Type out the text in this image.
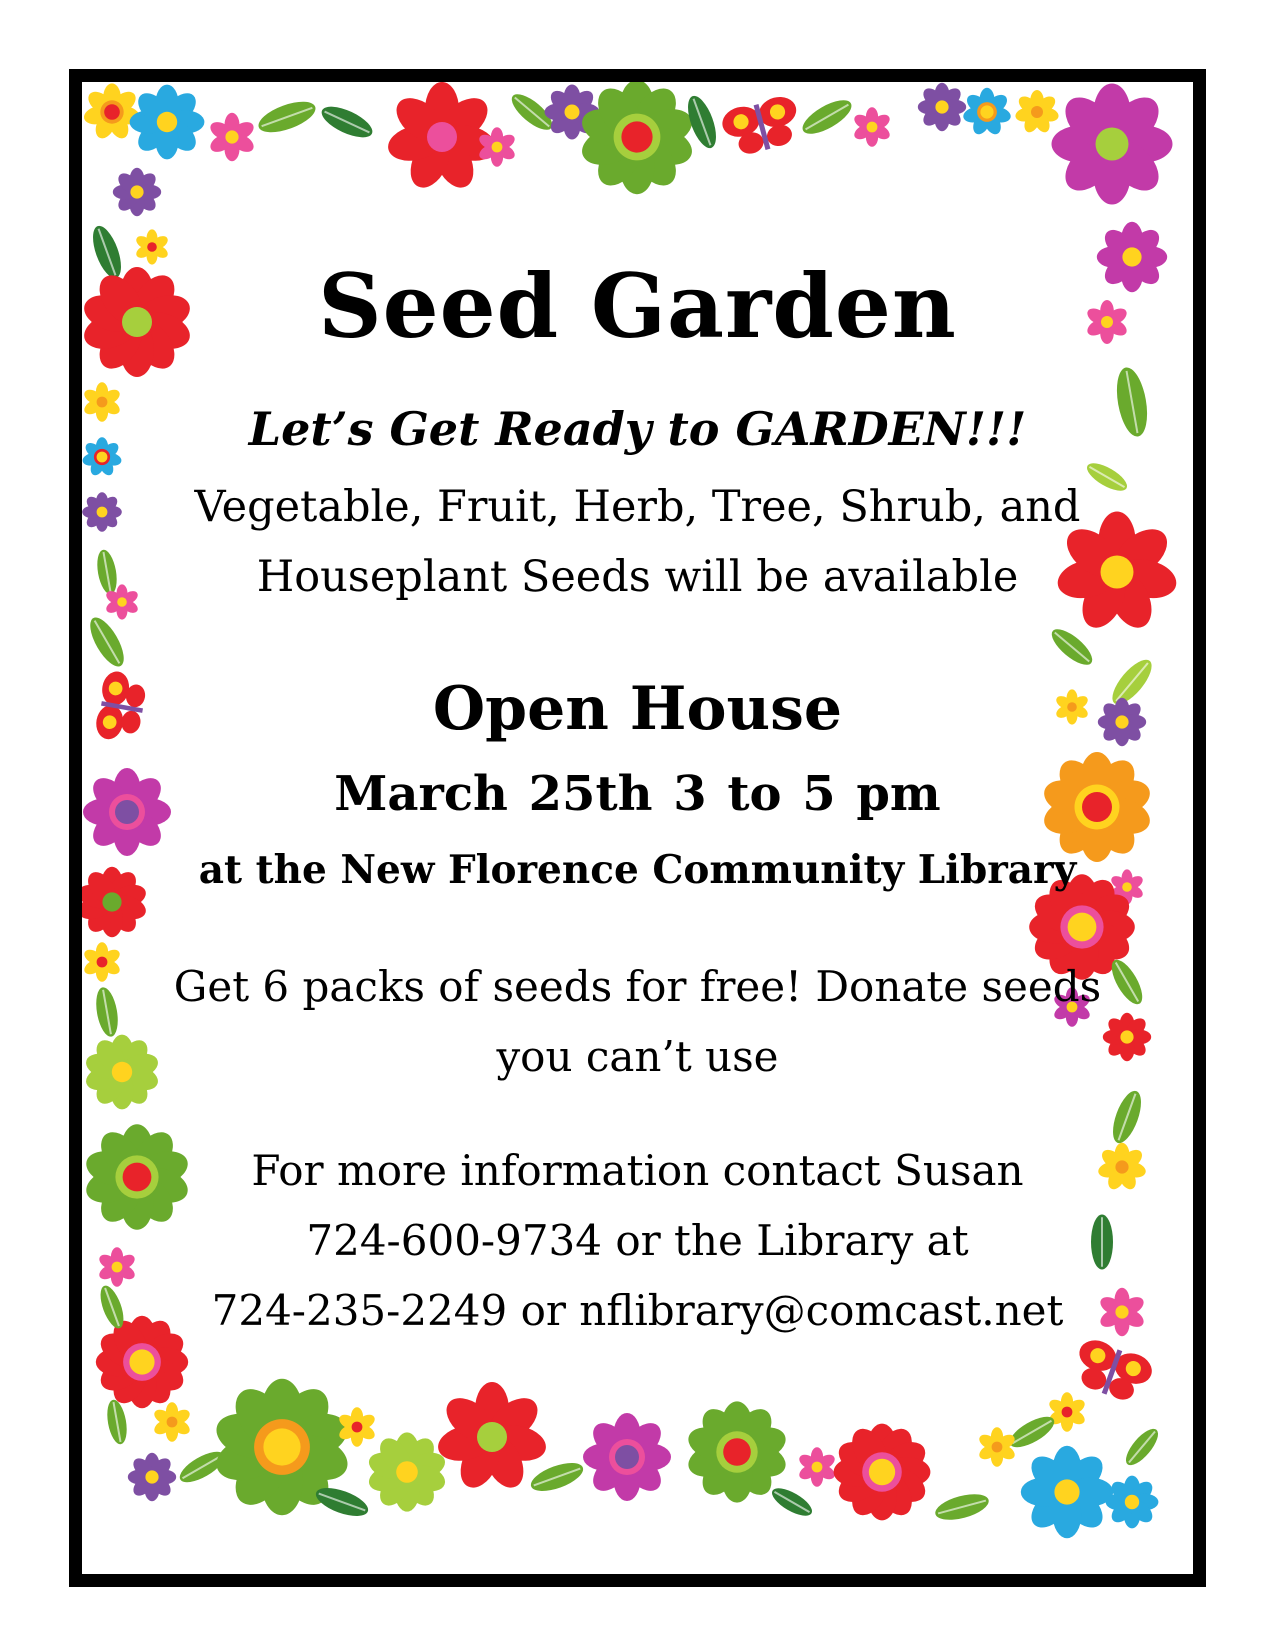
Seed Garden
Let’s Get Ready to GARDEN!!!
Vegetable, Fruit, Herb, Tree, Shrub, and
Houseplant Seeds will be available
Open House
March 25th 3 to 5 pm
at the New Florence Community Library
Get 6 packs of seeds for free! Donate seeds
you can’t use
For more information contact Susan
724-600-9734 or the Library at
724-235-2249 or nflibrary@comcast.net
